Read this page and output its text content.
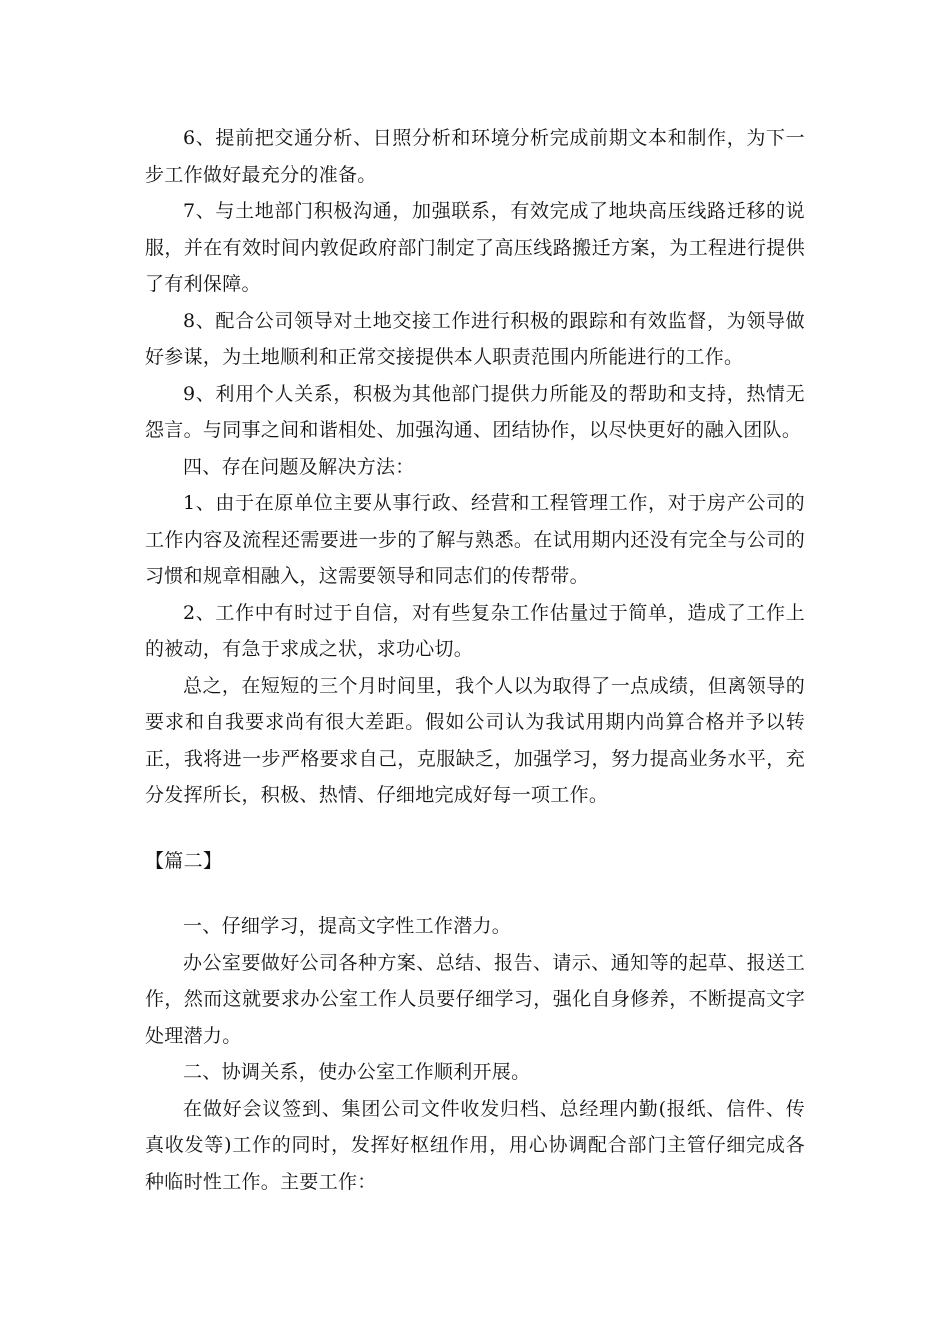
6、提前把交通分析、日照分析和环境分析完成前期文本和制作，为下一步工作做好最充分的准备。

7、与土地部门积极沟通，加强联系，有效完成了地块高压线路迁移的说服，并在有效时间内敦促政府部门制定了高压线路搬迁方案，为工程进行提供了有利保障。

8、配合公司领导对土地交接工作进行积极的跟踪和有效监督，为领导做好参谋，为土地顺利和正常交接提供本人职责范围内所能进行的工作。

9、利用个人关系，积极为其他部门提供力所能及的帮助和支持，热情无怨言。与同事之间和谐相处、加强沟通、团结协作，以尽快更好的融入团队。

四、存在问题及解决方法：

1、由于在原单位主要从事行政、经营和工程管理工作，对于房产公司的工作内容及流程还需要进一步的了解与熟悉。在试用期内还没有完全与公司的习惯和规章相融入，这需要领导和同志们的传帮带。

2、工作中有时过于自信，对有些复杂工作估量过于简单，造成了工作上的被动，有急于求成之状，求功心切。

总之，在短短的三个月时间里，我个人以为取得了一点成绩，但离领导的要求和自我要求尚有很大差距。假如公司认为我试用期内尚算合格并予以转正，我将进一步严格要求自己，克服缺乏，加强学习，努力提高业务水平，充分发挥所长，积极、热情、仔细地完成好每一项工作。

【篇二】

一、仔细学习，提高文字性工作潜力。

办公室要做好公司各种方案、总结、报告、请示、通知等的起草、报送工作，然而这就要求办公室工作人员要仔细学习，强化自身修养，不断提高文字处理潜力。

二、协调关系，使办公室工作顺利开展。

在做好会议签到、集团公司文件收发归档、总经理内勤(报纸、信件、传真收发等)工作的同时，发挥好枢纽作用，用心协调配合部门主管仔细完成各种临时性工作。主要工作：
